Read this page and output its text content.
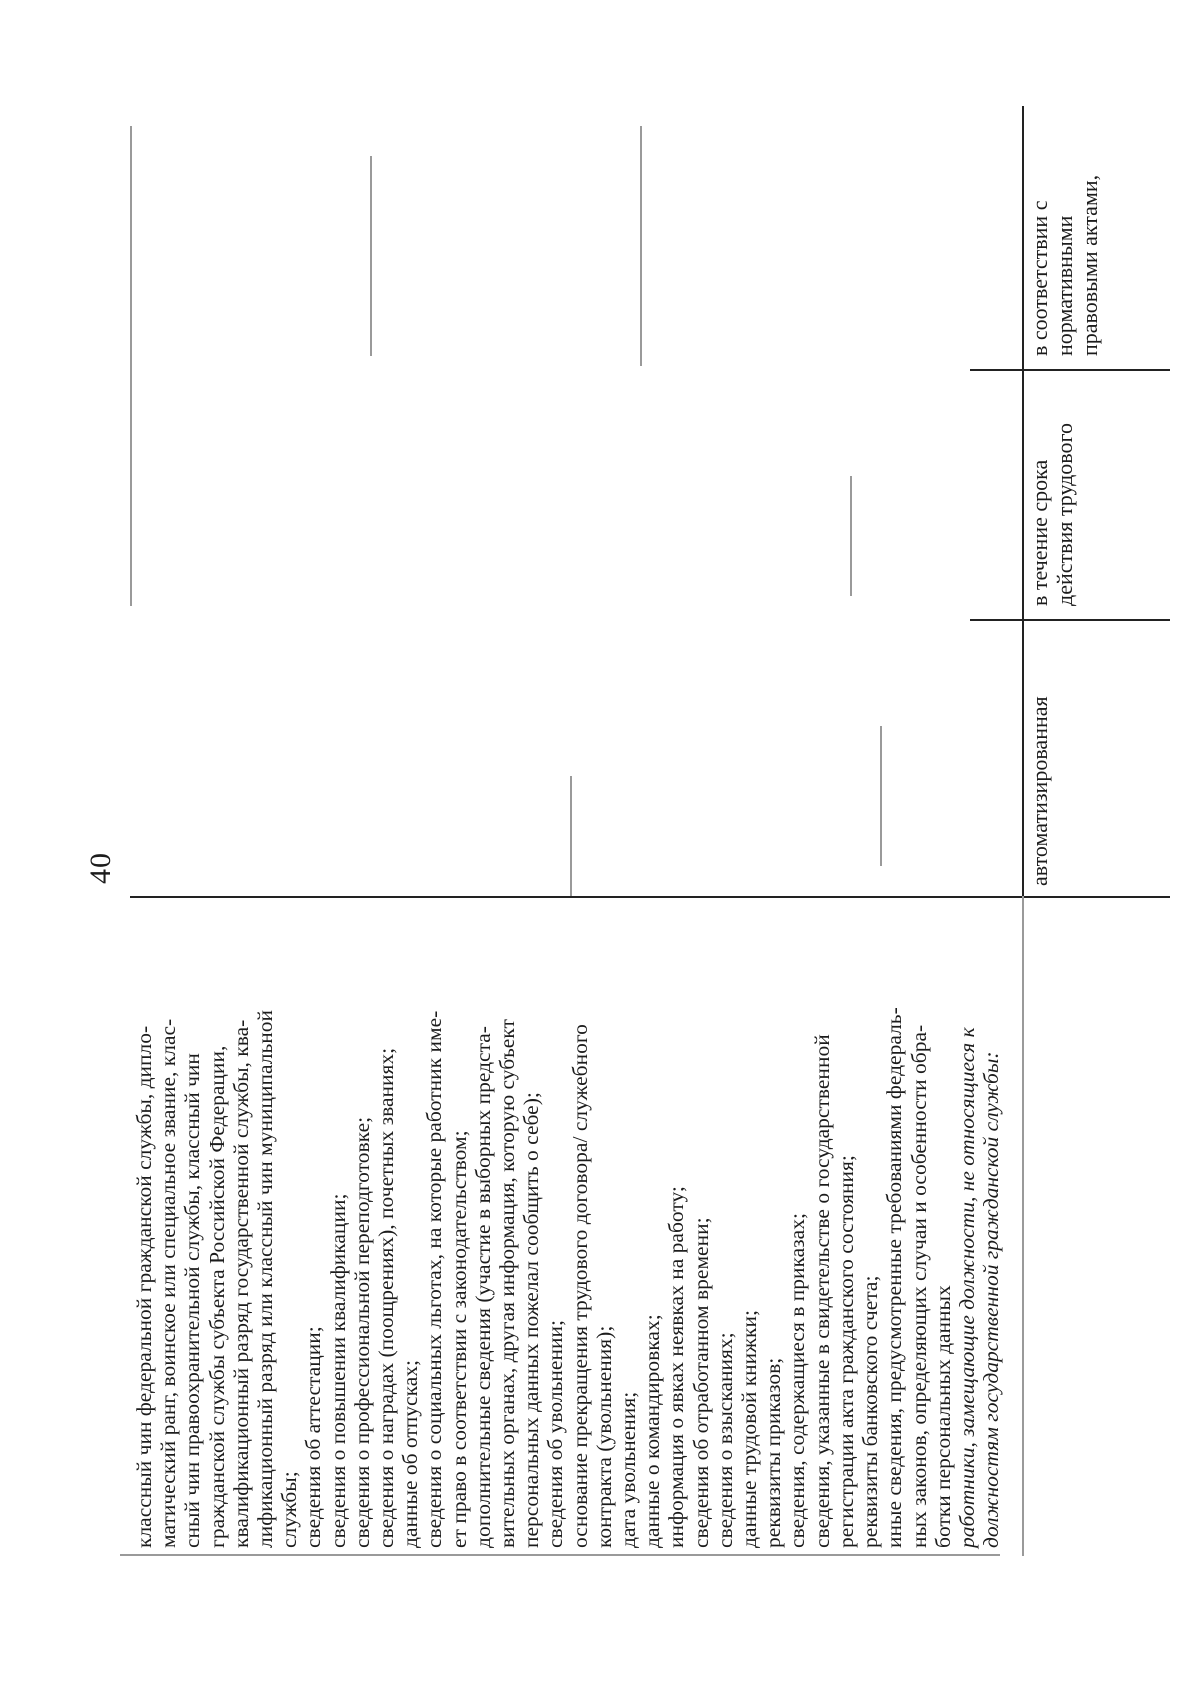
40
классный чин федеральной гражданской службы, дипло- матический ранг, воинское или специальное звание, клас- сный чин правоохранительной службы, классный чин гражданской службы субъекта Российской Федерации, квалификационный разряд государственной службы, ква- лификационный разряд или классный чин муниципальной службы; сведения об аттестации; сведения о повышении квалификации; сведения о профессиональной переподготовке; сведения о наградах (поощрениях), почетных званиях; данные об отпусках; сведения о социальных льготах, на которые работник име- ет право в соответствии с законодательством; дополнительные сведения (участие в выборных предста- вительных органах, другая информация, которую субъект персональных данных пожелал сообщить о себе); сведения об увольнении; основание прекращения трудового договора/ служебного контракта (увольнения); дата увольнения; данные о командировках; информация о явках неявках на работу; сведения об отработанном времени; сведения о взысканиях; данные трудовой книжки; реквизиты приказов; сведения, содержащиеся в приказах; сведения, указанные в свидетельстве о государственной регистрации акта гражданского состояния; реквизиты банковского счета; иные сведения, предусмотренные требованиями федераль- ных законов, определяющих случаи и особенности обра- ботки персональных данных работники, замещающие должности, не относящиеся к должностям государственной гражданской службы:
автоматизированная
в течение срока действия трудового
в соответствии с нормативными правовыми актами,
